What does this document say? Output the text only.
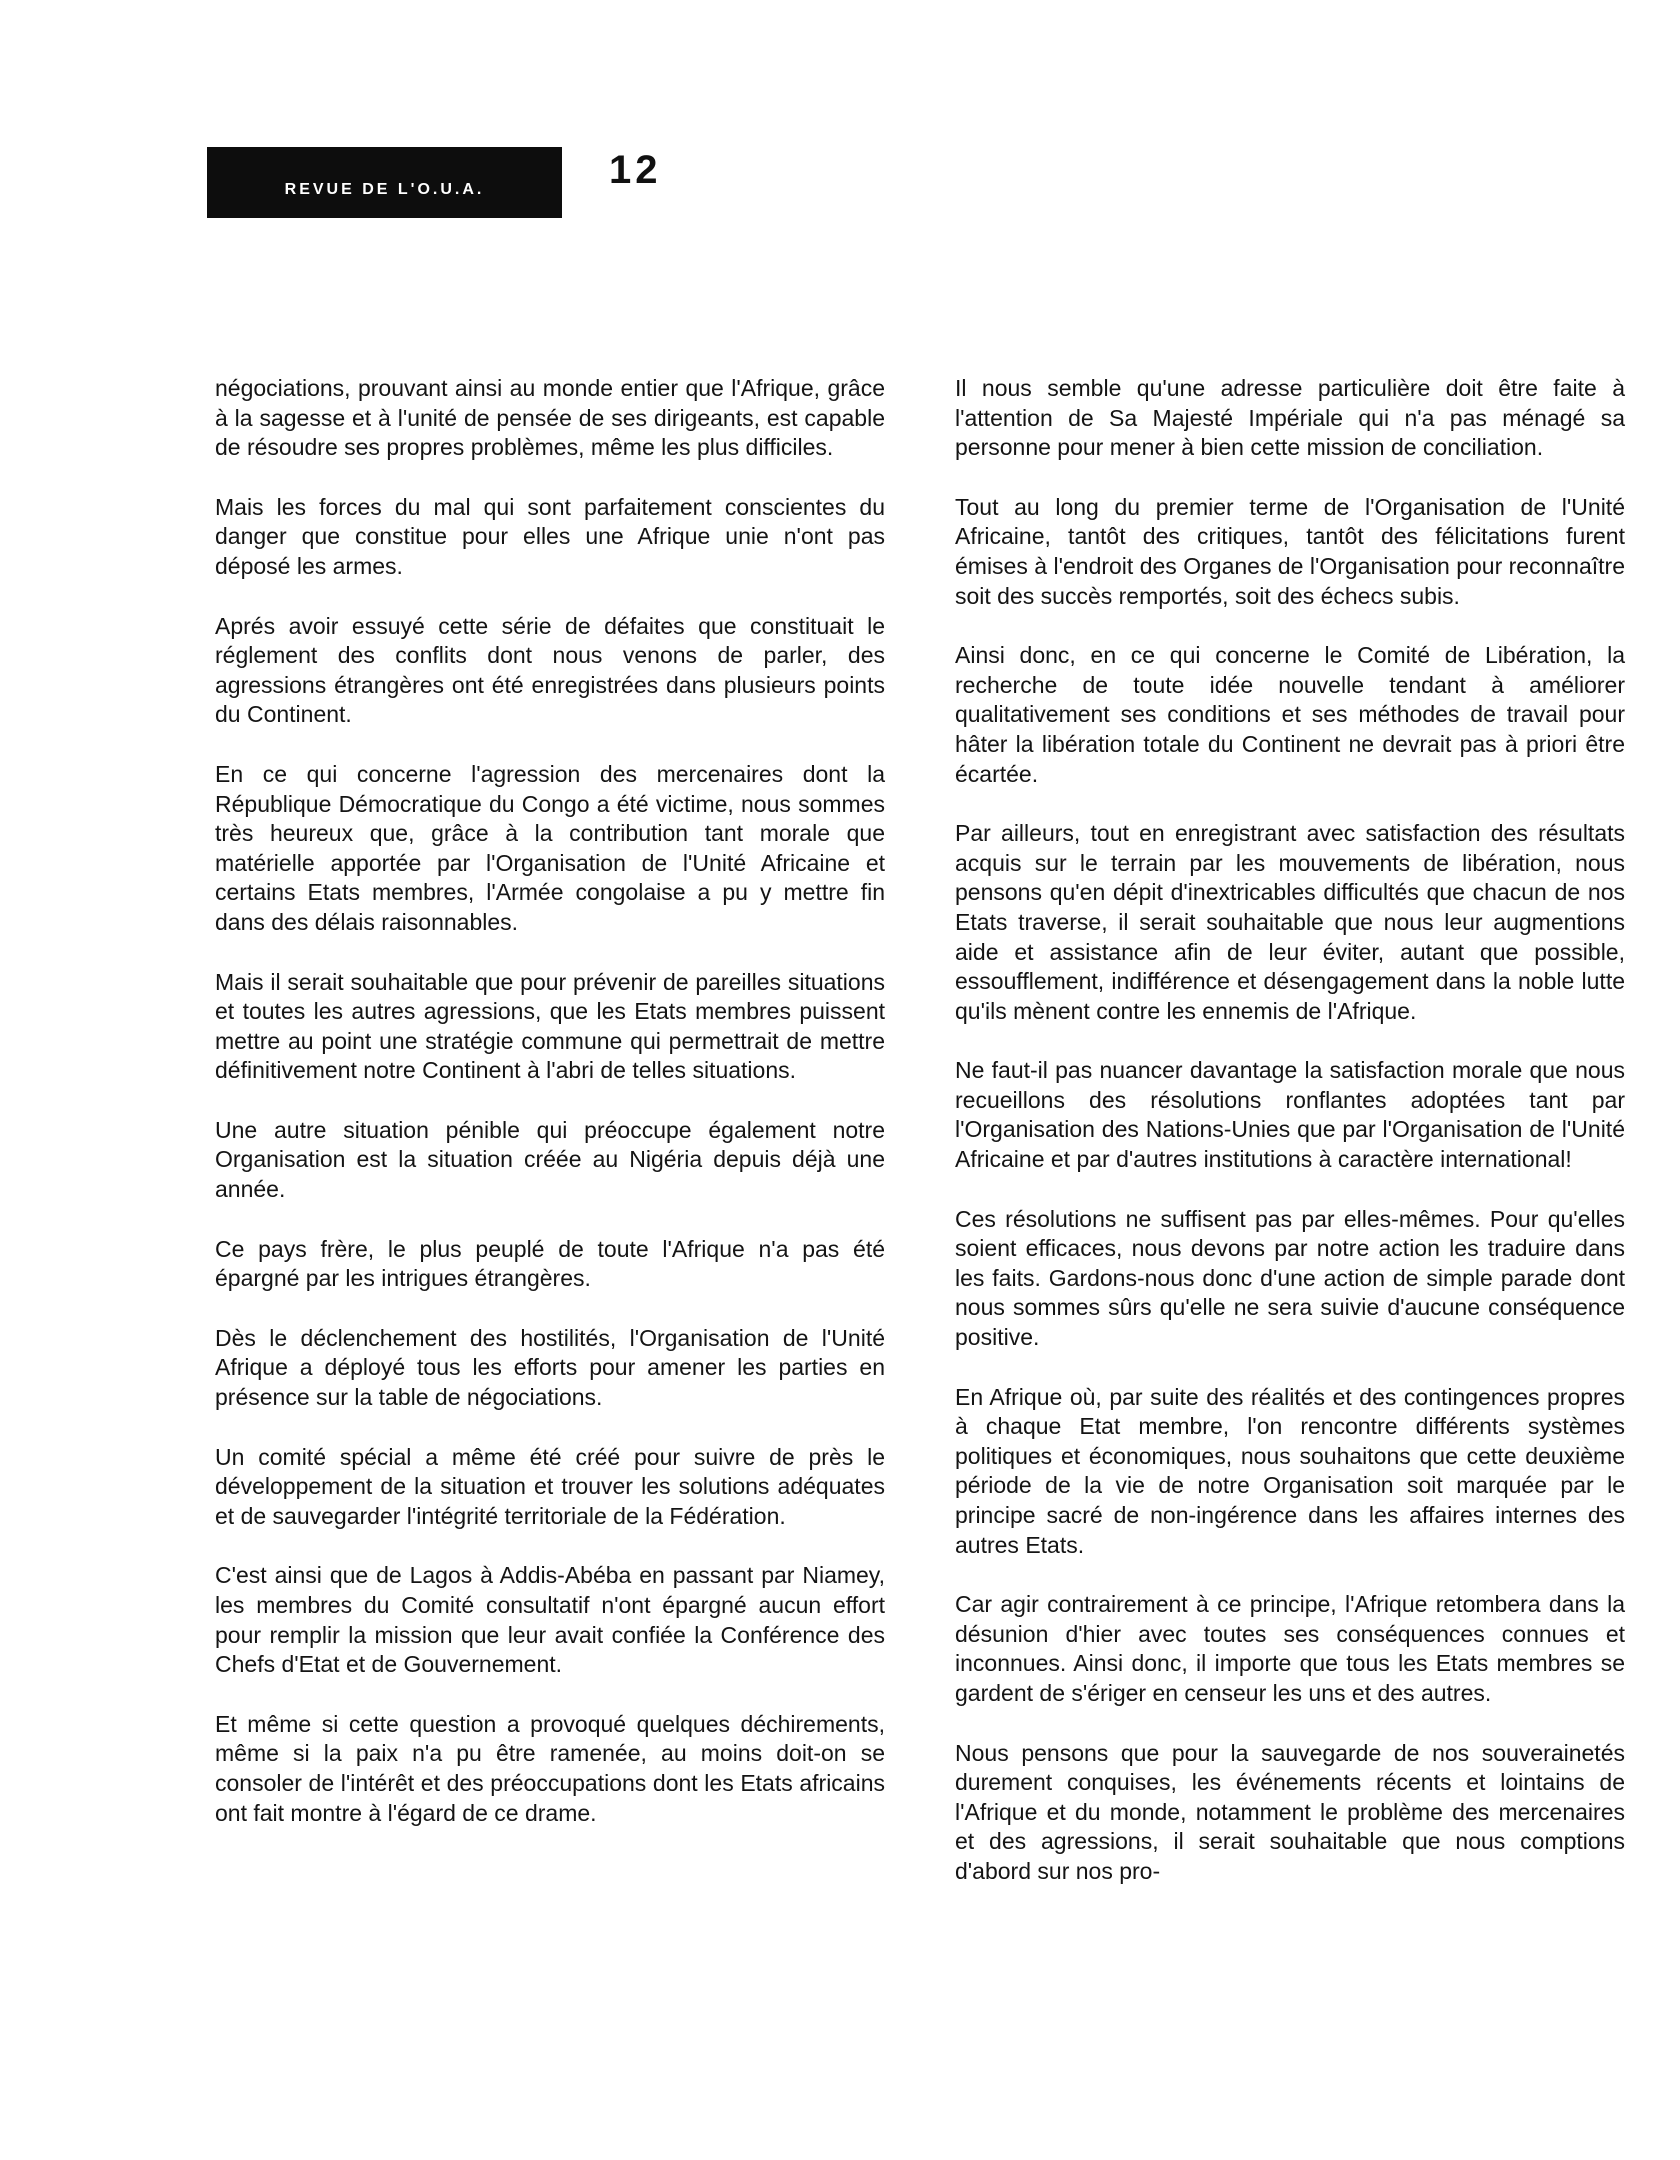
REVUE DE L'O.U.A.	12

négociations, prouvant ainsi au monde entier que l'Afrique, grâce à la sagesse et à l'unité de pensée de ses dirigeants, est capable de résoudre ses propres problèmes, même les plus difficiles.

Mais les forces du mal qui sont parfaitement conscientes du danger que constitue pour elles une Afrique unie n'ont pas déposé les armes.

Aprés avoir essuyé cette série de défaites que constituait le réglement des conflits dont nous venons de parler, des agressions étrangères ont été enregistrées dans plusieurs points du Continent.

En ce qui concerne l'agression des mercenaires dont la République Démocratique du Congo a été victime, nous sommes très heureux que, grâce à la contribution tant morale que matérielle apportée par l'Organisation de l'Unité Africaine et certains Etats membres, l'Armée congolaise a pu y mettre fin dans des délais raisonnables.

Mais il serait souhaitable que pour prévenir de pareilles situations et toutes les autres agressions, que les Etats membres puissent mettre au point une stratégie commune qui permettrait de mettre définitivement notre Continent à l'abri de telles situations.

Une autre situation pénible qui préoccupe également notre Organisation est la situation créée au Nigéria depuis déjà une année.

Ce pays frère, le plus peuplé de toute l'Afrique n'a pas été épargné par les intrigues étrangères.

Dès le déclenchement des hostilités, l'Organisation de l'Unité Afrique a déployé tous les efforts pour amener les parties en présence sur la table de négociations.

Un comité spécial a même été créé pour suivre de près le développement de la situation et trouver les solutions adéquates et de sauvegarder l'intégrité territoriale de la Fédération.

C'est ainsi que de Lagos à Addis-Abéba en passant par Niamey, les membres du Comité consultatif n'ont épargné aucun effort pour remplir la mission que leur avait confiée la Conférence des Chefs d'Etat et de Gouvernement.

Et même si cette question a provoqué quelques déchirements, même si la paix n'a pu être ramenée, au moins doit-on se consoler de l'intérêt et des préoccupations dont les Etats africains ont fait montre à l'égard de ce drame.

Il nous semble qu'une adresse particulière doit être faite à l'attention de Sa Majesté Impériale qui n'a pas ménagé sa personne pour mener à bien cette mission de conciliation.

Tout au long du premier terme de l'Organisation de l'Unité Africaine, tantôt des critiques, tantôt des félicitations furent émises à l'endroit des Organes de l'Organisation pour reconnaître soit des succès remportés, soit des échecs subis.

Ainsi donc, en ce qui concerne le Comité de Libération, la recherche de toute idée nouvelle tendant à améliorer qualitativement ses conditions et ses méthodes de travail pour hâter la libération totale du Continent ne devrait pas à priori être écartée.

Par ailleurs, tout en enregistrant avec satisfaction des résultats acquis sur le terrain par les mouvements de libération, nous pensons qu'en dépit d'inextricables difficultés que chacun de nos Etats traverse, il serait souhaitable que nous leur augmentions aide et assistance afin de leur éviter, autant que possible, essoufflement, indifférence et désengagement dans la noble lutte qu'ils mènent contre les ennemis de l'Afrique.

Ne faut-il pas nuancer davantage la satisfaction morale que nous recueillons des résolutions ronflantes adoptées tant par l'Organisation des Nations-Unies que par l'Organisation de l'Unité Africaine et par d'autres institutions à caractère international!

Ces résolutions ne suffisent pas par elles-mêmes. Pour qu'elles soient efficaces, nous devons par notre action les traduire dans les faits. Gardons-nous donc d'une action de simple parade dont nous sommes sûrs qu'elle ne sera suivie d'aucune conséquence positive.

En Afrique où, par suite des réalités et des contingences propres à chaque Etat membre, l'on rencontre différents systèmes politiques et économiques, nous souhaitons que cette deuxième période de la vie de notre Organisation soit marquée par le principe sacré de non-ingérence dans les affaires internes des autres Etats.

Car agir contrairement à ce principe, l'Afrique retombera dans la désunion d'hier avec toutes ses conséquences connues et inconnues. Ainsi donc, il importe que tous les Etats membres se gardent de s'ériger en censeur les uns et des autres.

Nous pensons que pour la sauvegarde de nos souverainetés durement conquises, les événements récents et lointains de l'Afrique et du monde, notamment le problème des mercenaires et des agressions, il serait souhaitable que nous comptions d'abord sur nos pro-
